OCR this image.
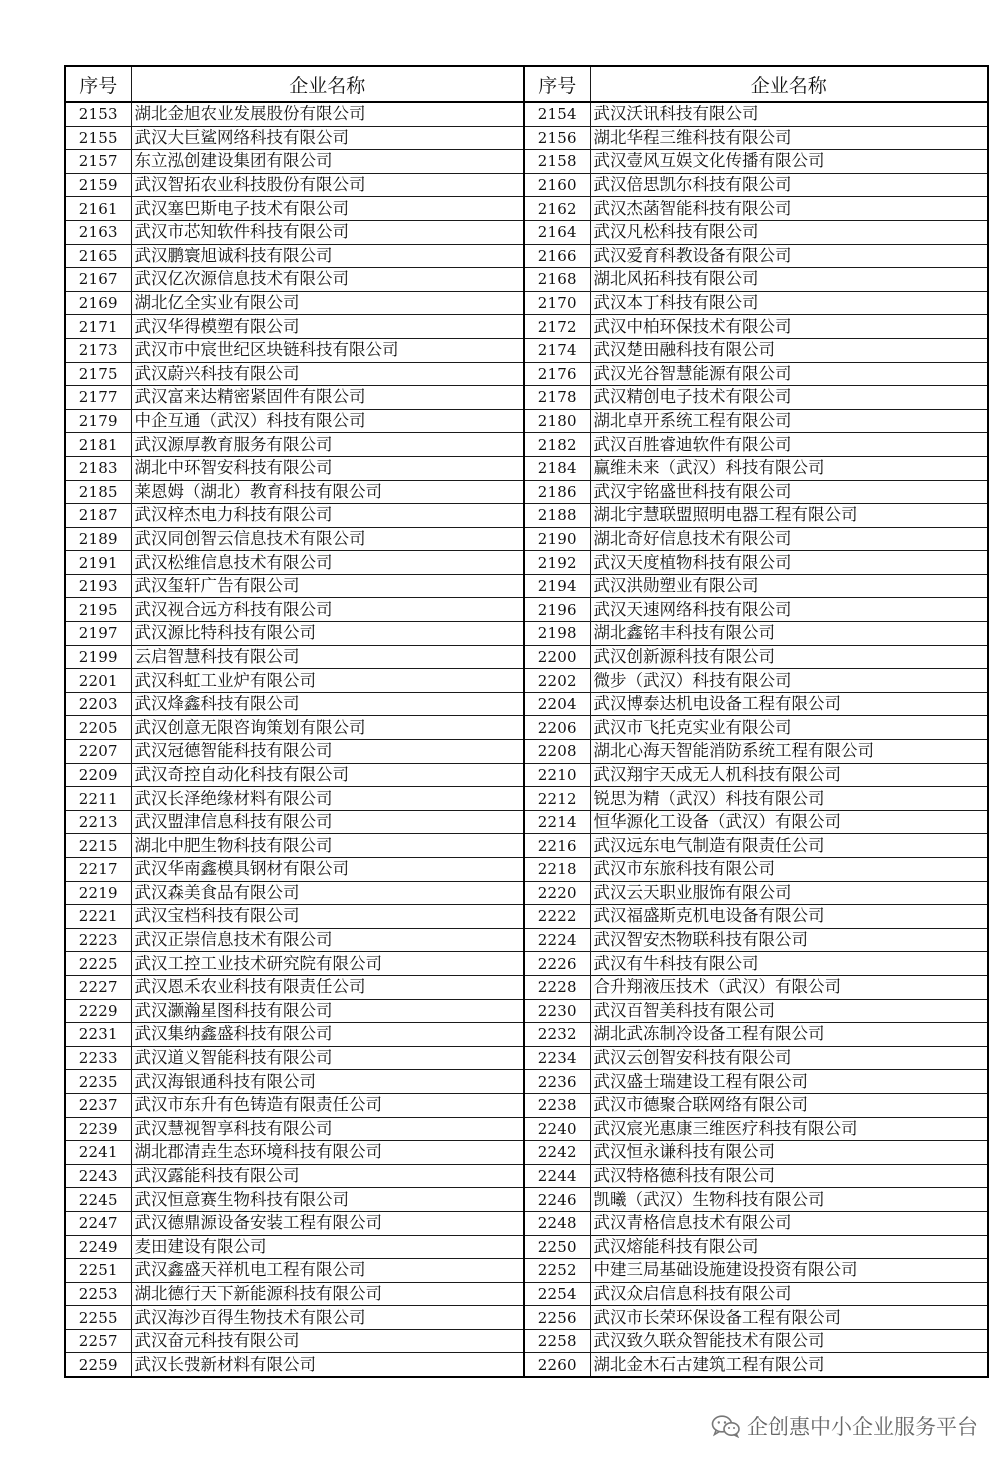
序号	企业名称	序号	企业名称
2153	湖北金旭农业发展股份有限公司	2154	武汉沃讯科技有限公司
2155	武汉大巨鲨网络科技有限公司	2156	湖北华程三维科技有限公司
2157	东立泓创建设集团有限公司	2158	武汉壹风互娱文化传播有限公司
2159	武汉智拓农业科技股份有限公司	2160	武汉倍思凯尔科技有限公司
2161	武汉塞巴斯电子技术有限公司	2162	武汉杰菡智能科技有限公司
2163	武汉市芯知软件科技有限公司	2164	武汉凡松科技有限公司
2165	武汉鹏寰旭诚科技有限公司	2166	武汉爱育科教设备有限公司
2167	武汉亿次源信息技术有限公司	2168	湖北风拓科技有限公司
2169	湖北亿全实业有限公司	2170	武汉本丁科技有限公司
2171	武汉华得模塑有限公司	2172	武汉中柏环保技术有限公司
2173	武汉市中宸世纪区块链科技有限公司	2174	武汉楚田融科技有限公司
2175	武汉蔚兴科技有限公司	2176	武汉光谷智慧能源有限公司
2177	武汉富来达精密紧固件有限公司	2178	武汉精创电子技术有限公司
2179	中企互通（武汉）科技有限公司	2180	湖北卓开系统工程有限公司
2181	武汉源厚教育服务有限公司	2182	武汉百胜睿迪软件有限公司
2183	湖北中环智安科技有限公司	2184	赢维未来（武汉）科技有限公司
2185	莱恩姆（湖北）教育科技有限公司	2186	武汉宇铭盛世科技有限公司
2187	武汉梓杰电力科技有限公司	2188	湖北宇慧联盟照明电器工程有限公司
2189	武汉同创智云信息技术有限公司	2190	湖北奇好信息技术有限公司
2191	武汉松维信息技术有限公司	2192	武汉天度植物科技有限公司
2193	武汉玺轩广告有限公司	2194	武汉洪勋塑业有限公司
2195	武汉视合远方科技有限公司	2196	武汉天速网络科技有限公司
2197	武汉源比特科技有限公司	2198	湖北鑫铭丰科技有限公司
2199	云启智慧科技有限公司	2200	武汉创新源科技有限公司
2201	武汉科虹工业炉有限公司	2202	微步（武汉）科技有限公司
2203	武汉烽鑫科技有限公司	2204	武汉博泰达机电设备工程有限公司
2205	武汉创意无限咨询策划有限公司	2206	武汉市飞托克实业有限公司
2207	武汉冠德智能科技有限公司	2208	湖北心海天智能消防系统工程有限公司
2209	武汉奇控自动化科技有限公司	2210	武汉翔宇天成无人机科技有限公司
2211	武汉长泽绝缘材料有限公司	2212	锐思为精（武汉）科技有限公司
2213	武汉盟津信息科技有限公司	2214	恒华源化工设备（武汉）有限公司
2215	湖北中肥生物科技有限公司	2216	武汉远东电气制造有限责任公司
2217	武汉华南鑫模具钢材有限公司	2218	武汉市东旅科技有限公司
2219	武汉森美食品有限公司	2220	武汉云天职业服饰有限公司
2221	武汉宝档科技有限公司	2222	武汉福盛斯克机电设备有限公司
2223	武汉正崇信息技术有限公司	2224	武汉智安杰物联科技有限公司
2225	武汉工控工业技术研究院有限公司	2226	武汉有牛科技有限公司
2227	武汉恩禾农业科技有限责任公司	2228	合升翔液压技术（武汉）有限公司
2229	武汉灏瀚星图科技有限公司	2230	武汉百智美科技有限公司
2231	武汉集纳鑫盛科技有限公司	2232	湖北武冻制冷设备工程有限公司
2233	武汉道义智能科技有限公司	2234	武汉云创智安科技有限公司
2235	武汉海银通科技有限公司	2236	武汉盛士瑞建设工程有限公司
2237	武汉市东升有色铸造有限责任公司	2238	武汉市德聚合联网络有限公司
2239	武汉慧视智享科技有限公司	2240	武汉宸光惠康三维医疗科技有限公司
2241	湖北郡清垚生态环境科技有限公司	2242	武汉恒永谦科技有限公司
2243	武汉露能科技有限公司	2244	武汉特格德科技有限公司
2245	武汉恒意赛生物科技有限公司	2246	凯曦（武汉）生物科技有限公司
2247	武汉德鼎源设备安装工程有限公司	2248	武汉青格信息技术有限公司
2249	麦田建设有限公司	2250	武汉熔能科技有限公司
2251	武汉鑫盛天祥机电工程有限公司	2252	中建三局基础设施建设投资有限公司
2253	湖北德行天下新能源科技有限公司	2254	武汉众启信息科技有限公司
2255	武汉海沙百得生物技术有限公司	2256	武汉市长荣环保设备工程有限公司
2257	武汉奋元科技有限公司	2258	武汉致久联众智能技术有限公司
2259	武汉长弢新材料有限公司	2260	湖北金木石古建筑工程有限公司
企创惠中小企业服务平台
